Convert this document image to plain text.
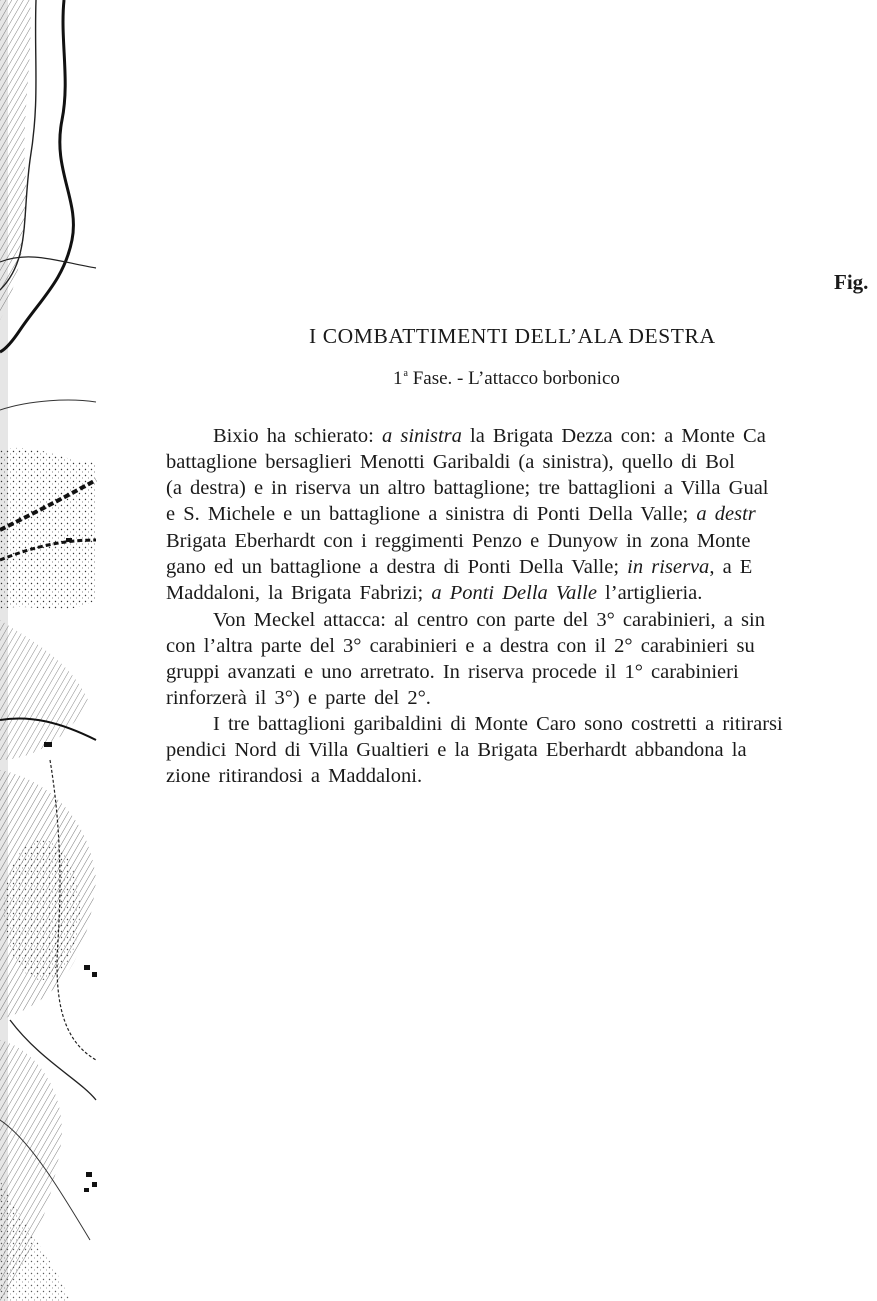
Fig.
I COMBATTIMENTI DELL’ALA DESTRA
1$^a$ Fase. - L’attacco borbonico
Bixio ha schierato: a sinistra la Brigata Dezza con: a Monte Ca
battaglione bersaglieri Menotti Garibaldi (a sinistra), quello di Bol
(a destra) e in riserva un altro battaglione; tre battaglioni a Villa Gual
e S. Michele e un battaglione a sinistra di Ponti Della Valle; a destr
Brigata Eberhardt con i reggimenti Penzo e Dunyow in zona Monte
gano ed un battaglione a destra di Ponti Della Valle; in riserva, a E
Maddaloni, la Brigata Fabrizi; a Ponti Della Valle l’artiglieria.
Von Meckel attacca: al centro con parte del 3° carabinieri, a sin
con l’altra parte del 3° carabinieri e a destra con il 2° carabinieri su
gruppi avanzati e uno arretrato. In riserva procede il 1° carabinieri
rinforzerà il 3°) e parte del 2°.
I tre battaglioni garibaldini di Monte Caro sono costretti a ritirarsi
pendici Nord di Villa Gualtieri e la Brigata Eberhardt abbandona la
zione ritirandosi a Maddaloni.
